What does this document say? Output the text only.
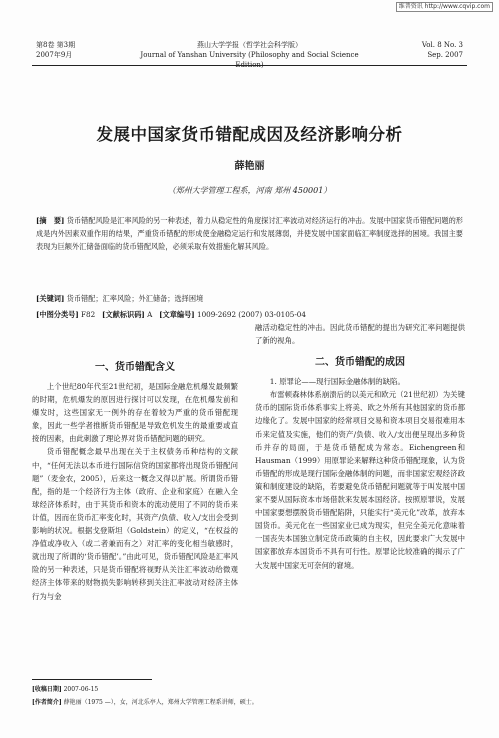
维普资讯 http://www.cqvip.com
第8卷 第3期	燕山大学学报（哲学社会科学版）	Vol. 8 No. 3
2007年9月	Journal of Yanshan University (Philosophy and Social Science Edition)
Sep. 2007
发展中国家货币错配成因及经济影响分析
薛艳丽
（郑州大学管理工程系，河南 郑州 450001）
[摘　要] 货币错配风险是汇率风险的另一种表述，着力从稳定性的角度探讨汇率波动对经济运行的冲击。发展中国家货币错配问题的形成是内外因素双重作用的结果，严重货币错配的形成使金融稳定运行和发展薄弱，并使发展中国家面临汇率制度选择的困境。我国主要表现为巨额外汇储备面临的货币错配风险，必须采取有效措施化解其风险。
[关键词] 货币错配；汇率风险；外汇储备；选择困境
[中图分类号] F82 [文献标识码] A [文章编号] 1009-2692 (2007) 03-0105-04
一、货币错配含义

上个世纪80年代至21世纪初，是国际金融危机爆发最频繁的时期，危机爆发的原因进行探讨可以发现，在危机爆发前和爆发时，这些国家无一例外的存在着较为严重的货币错配现象，因此一些学者推断货币错配是导致危机发生的最重要或直接的因素，由此刺激了理论界对货币错配问题的研究。

货币错配概念最早出现在关于主权债务币种结构的文献中，“任何无法以本币进行国际信贷的国家都将出现货币错配问题”（麦金农，2005），后来这一概念又得以扩展。所谓货币错配，指的是一个经济行为主体（政府、企业和家庭）在融入全球经济体系时，由于其货币和资本的流动使用了不同的货币来计值，因而在货币汇率变化时，其资产/负债、收入/支出会受到影响的状况。根据戈登斯坦（Goldstein）的定义，“在权益的净值或净收入（或二者兼而有之）对汇率的变化相当敏感时，就出现了所谓的‘货币错配’。”由此可见，货币错配风险是汇率风险的另一种表述，只是货币错配将视野从关注汇率波动给微观经济主体带来的财物损失影响转移到关注汇率波动对经济主体行为与金

融活动稳定性的冲击。因此货币错配的提出为研究汇率问题提供了新的视角。

二、货币错配的成因

1. 原罪论——现行国际金融体制的缺陷。

布雷顿森林体系崩溃后的以美元和欧元（21世纪初）为关键货币的国际货币体系事实上将美、欧之外所有其他国家的货币都边缘化了。发展中国家的经常项目交易和资本项目交易很难用本币来定值及实施，他们的资产/负债、收入/支出便呈现出多种货币并存的局面，于是货币错配成为常态。Eichengreen和Hausman（1999）用原罪论来解释这种货币错配现象，认为货币错配的形成是现行国际金融体制的问题，而非国家宏观经济政策和制度建设的缺陷，若要避免货币错配问题就等于叫发展中国家不要从国际资本市场借款来发展本国经济。按照原罪说，发展中国家要想摆脱货币错配陷阱，只能实行“美元化”改革，放弃本国货币。美元化在一些国家业已成为现实，但完全美元化意味着一国丧失本国独立制定货币政策的自主权，因此要求广大发展中国家都放弃本国货币不具有可行性。原罪论比较准确的揭示了广大发展中国家无可奈何的窘境。

[收稿日期] 2007-06-15
[作者简介] 薛艳丽（1975 —），女，河北乐亭人，郑州大学管理工程系讲师，硕士。
